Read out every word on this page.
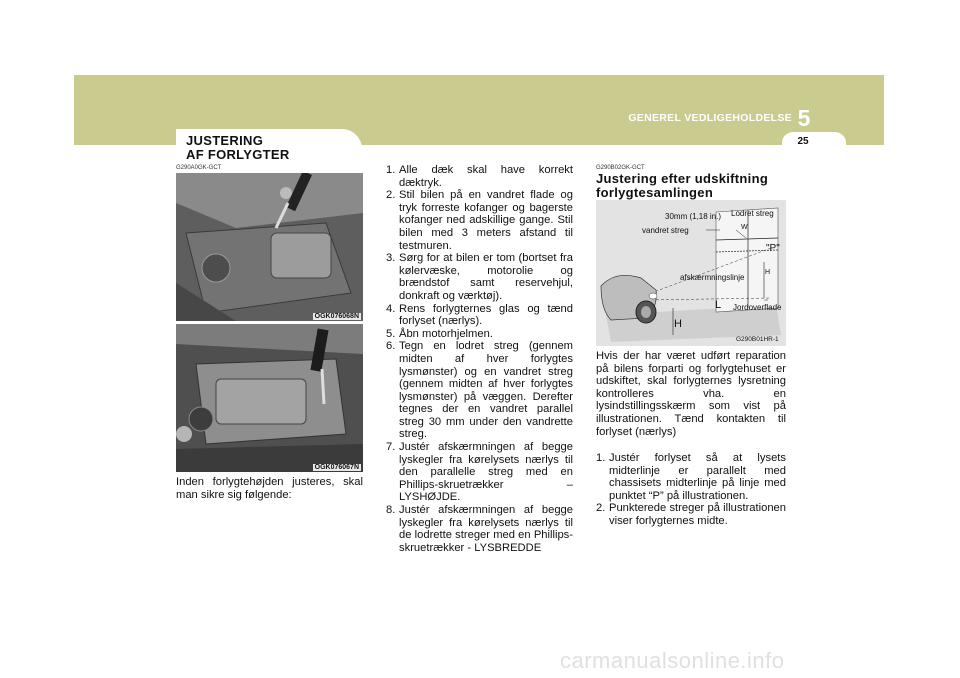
GENEREL VEDLIGEHOLDELSE 5
25
JUSTERING
AF FORLYGTER
G290A0GK-GCT
OGK076068N
OGK076067N
Inden forlygtehøjden justeres, skal man sikre sig følgende:
1. Alle dæk skal have korrekt dæktryk.
2. Stil bilen på en vandret flade og tryk forreste kofanger og bagerste kofanger ned adskillige gange. Stil bilen med 3 meters afstand til testmuren.
3. Sørg for at bilen er tom (bortset fra kølervæske, motorolie og brændstof samt reservehjul, donkraft og værktøj).
4. Rens forlygternes glas og tænd forlyset (nærlys).
5. Åbn motorhjelmen.
6. Tegn en lodret streg (gennem midten af hver forlygtes lysmønster) og en vandret streg (gennem midten af hver forlygtes lysmønster) på væggen. Derefter tegnes der en vandret parallel streg 30 mm under den vandrette streg.
7. Justér afskærmningen af begge lyskegler fra kørelysets nærlys til den parallelle streg med en Phillips-skruetrækker – LYSHØJDE.
8. Justér afskærmningen af begge lyskegler fra kørelysets nærlys til de lodrette streger med en Phillips-skruetrækker - LYSBREDDE
G290B02GK-GCT
Justering efter udskiftning forlygtesamlingen
30mm (1,18 in.) Lodret streg
vandret streg	W
"P"
afskærmningslinje
H
L Jordoverflade
H
G290B01HR-1
Hvis der har været udført reparation på bilens forparti og forlygtehuset er udskiftet, skal forlygternes lysretning kontrolleres vha. en lysindstillingsskærm som vist på illustrationen. Tænd kontakten til forlyset (nærlys)
1. Justér forlyset så at lysets midterlinje er parallelt med chassisets midterlinje på linje med punktet “P” på illustrationen.
2. Punkterede streger på illustrationen viser forlygternes midte.
carmanualsonline.info
